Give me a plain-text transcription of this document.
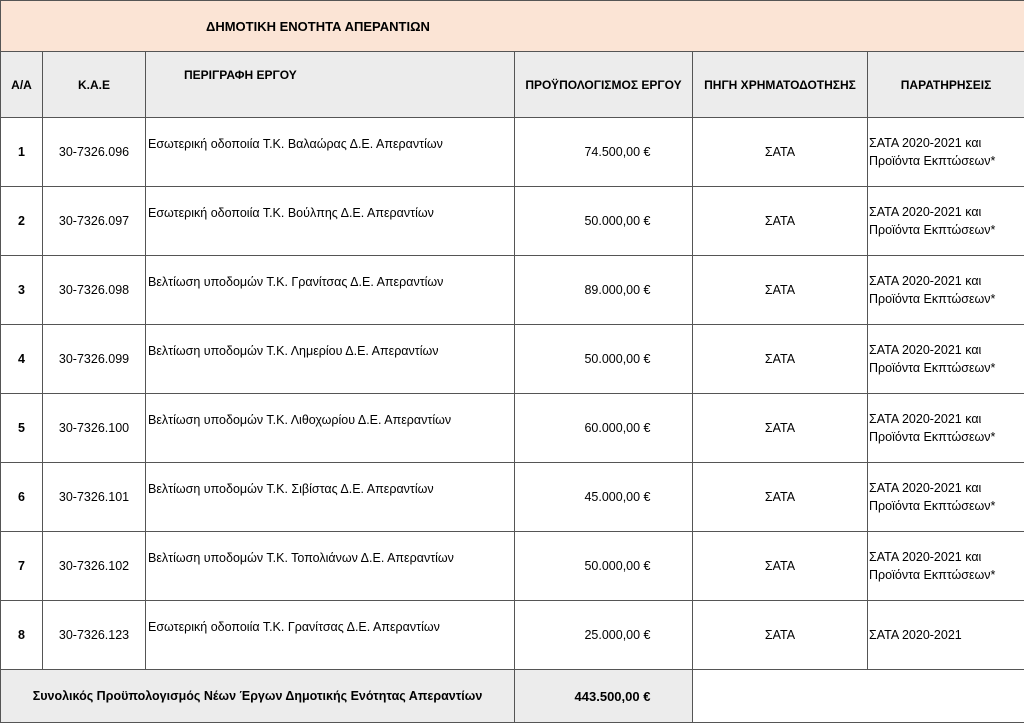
ΔΗΜΟΤΙΚΗ ΕΝΟΤΗΤΑ ΑΠΕΡΑΝΤΙΩΝ					
Α/Α	Κ.Α.Ε	ΠΕΡΙΓΡΑΦΗ ΕΡΓΟΥ	ΠΡΟΫΠΟΛΟΓΙΣΜΟΣ ΕΡΓΟΥ	ΠΗΓΗ ΧΡΗΜΑΤΟΔΟΤΗΣΗΣ	ΠΑΡΑΤΗΡΗΣΕΙΣ
1	30-7326.096	Εσωτερική οδοποιία Τ.Κ. Βαλαώρας Δ.Ε. Απεραντίων	74.500,00 €	ΣΑΤΑ	ΣΑΤΑ 2020-2021 και Προϊόντα Εκπτώσεων*
2	30-7326.097	Εσωτερική οδοποιία Τ.Κ. Βούλπης Δ.Ε. Απεραντίων	50.000,00 €	ΣΑΤΑ	ΣΑΤΑ 2020-2021 και Προϊόντα Εκπτώσεων*
3	30-7326.098	Βελτίωση υποδομών Τ.Κ. Γρανίτσας Δ.Ε. Απεραντίων	89.000,00 €	ΣΑΤΑ	ΣΑΤΑ 2020-2021 και Προϊόντα Εκπτώσεων*
4	30-7326.099	Βελτίωση υποδομών Τ.Κ. Λημερίου Δ.Ε. Απεραντίων	50.000,00 €	ΣΑΤΑ	ΣΑΤΑ 2020-2021 και Προϊόντα Εκπτώσεων*
5	30-7326.100	Βελτίωση υποδομών Τ.Κ. Λιθοχωρίου Δ.Ε. Απεραντίων	60.000,00 €	ΣΑΤΑ	ΣΑΤΑ 2020-2021 και Προϊόντα Εκπτώσεων*
6	30-7326.101	Βελτίωση υποδομών Τ.Κ. Σιβίστας Δ.Ε. Απεραντίων	45.000,00 €	ΣΑΤΑ	ΣΑΤΑ 2020-2021 και Προϊόντα Εκπτώσεων*
7	30-7326.102	Βελτίωση υποδομών Τ.Κ. Τοπολιάνων Δ.Ε. Απεραντίων	50.000,00 €	ΣΑΤΑ	ΣΑΤΑ 2020-2021 και Προϊόντα Εκπτώσεων*
8	30-7326.123	Εσωτερική οδοποιία Τ.Κ. Γρανίτσας Δ.Ε. Απεραντίων	25.000,00 €	ΣΑΤΑ	ΣΑΤΑ 2020-2021
Συνολικός Προϋπολογισμός Νέων Έργων Δημοτικής Ενότητας Απεραντίων			443.500,00 €		
